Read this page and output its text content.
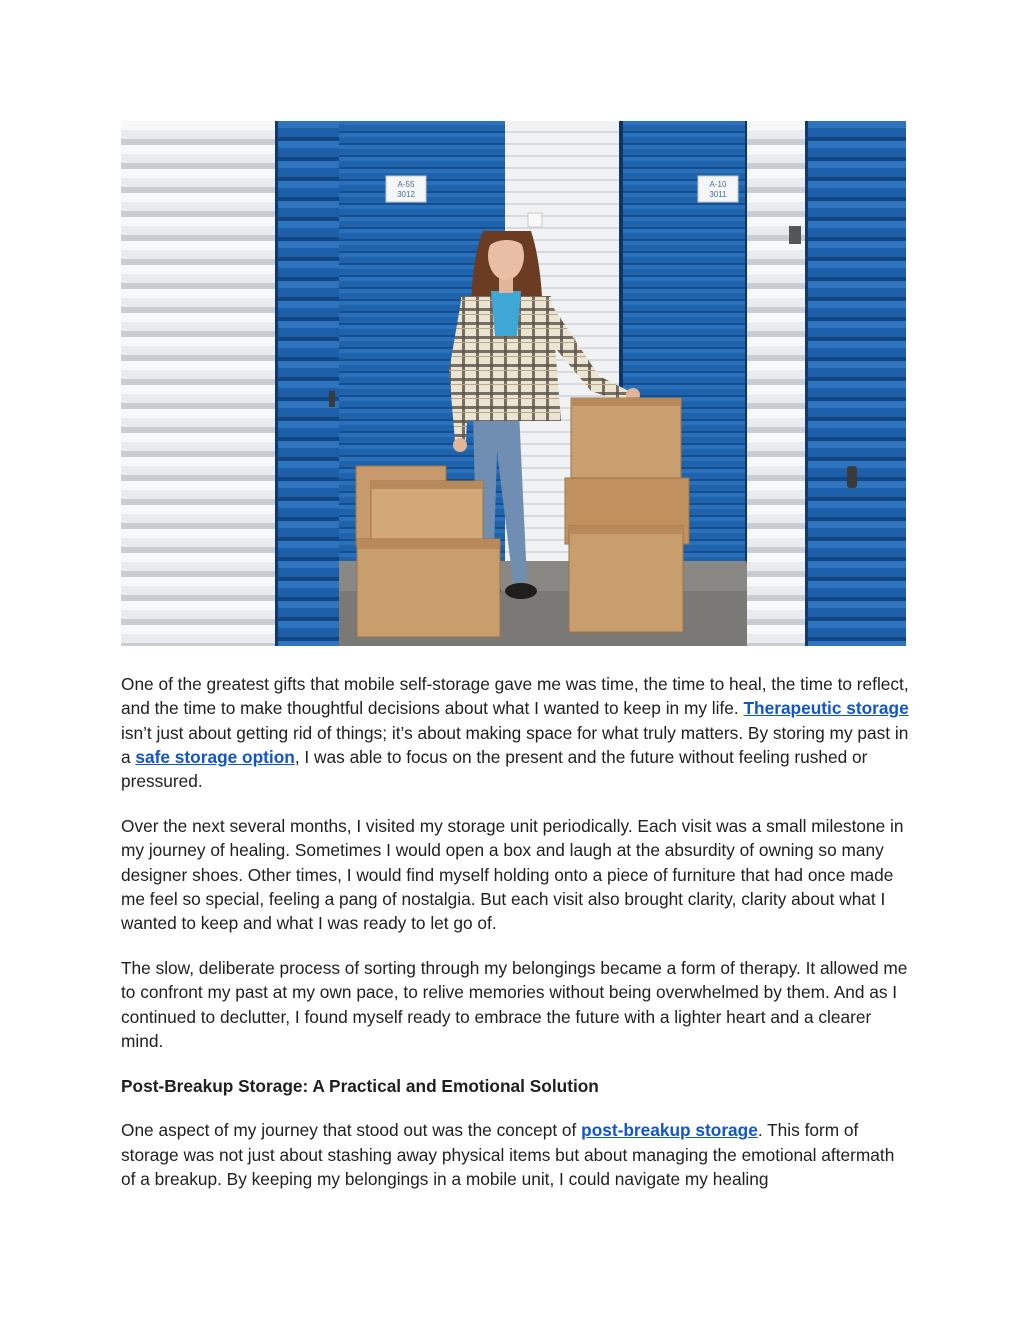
A-55
3012
A-10
3011

One of the greatest gifts that mobile self-storage gave me was time, the time to heal, the time to reflect, and the time to make thoughtful decisions about what I wanted to keep in my life. Therapeutic storage isn’t just about getting rid of things; it’s about making space for what truly matters. By storing my past in a safe storage option, I was able to focus on the present and the future without feeling rushed or pressured.

Over the next several months, I visited my storage unit periodically. Each visit was a small milestone in my journey of healing. Sometimes I would open a box and laugh at the absurdity of owning so many designer shoes. Other times, I would find myself holding onto a piece of furniture that had once made me feel so special, feeling a pang of nostalgia. But each visit also brought clarity, clarity about what I wanted to keep and what I was ready to let go of.

The slow, deliberate process of sorting through my belongings became a form of therapy. It allowed me to confront my past at my own pace, to relive memories without being overwhelmed by them. And as I continued to declutter, I found myself ready to embrace the future with a lighter heart and a clearer mind.

Post-Breakup Storage: A Practical and Emotional Solution

One aspect of my journey that stood out was the concept of post-breakup storage. This form of storage was not just about stashing away physical items but about managing the emotional aftermath of a breakup. By keeping my belongings in a mobile unit, I could navigate my healing
